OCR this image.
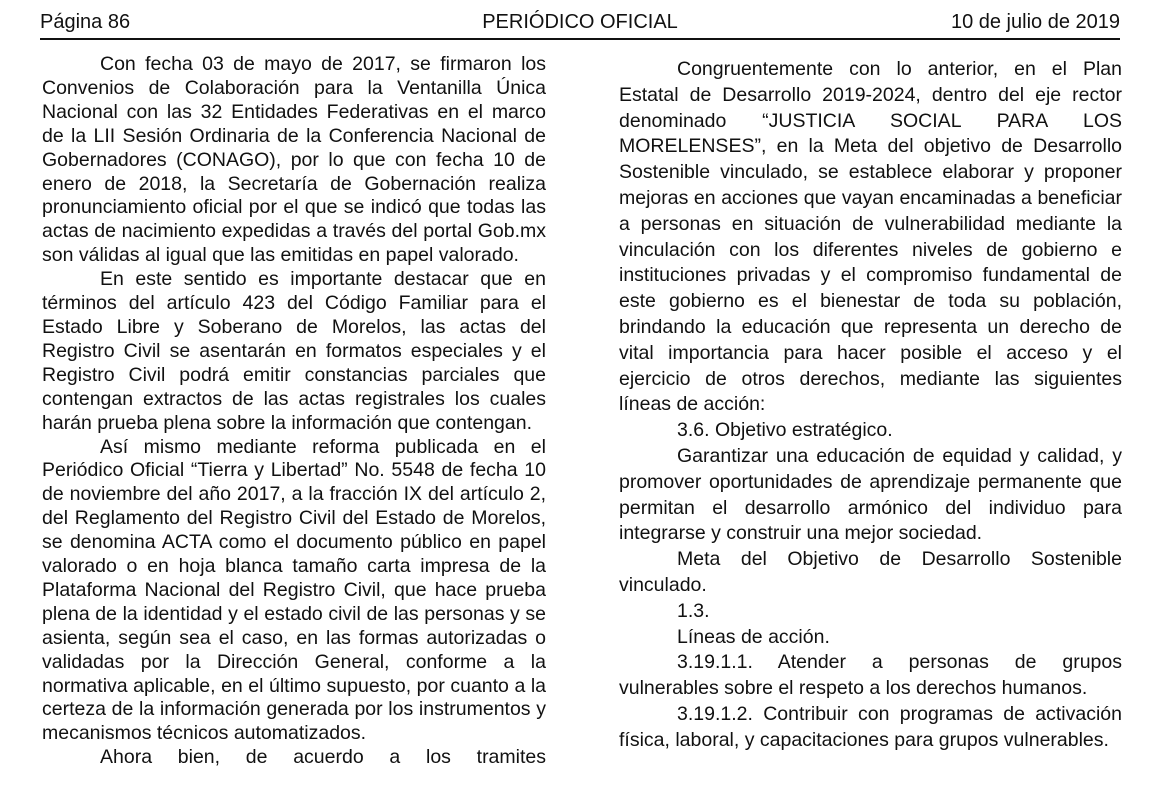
Página 86	PERIÓDICO OFICIAL	10 de julio de 2019

Con fecha 03 de mayo de 2017, se firmaron los Convenios de Colaboración para la Ventanilla Única Nacional con las 32 Entidades Federativas en el marco de la LII Sesión Ordinaria de la Conferencia Nacional de Gobernadores (CONAGO), por lo que con fecha 10 de enero de 2018, la Secretaría de Gobernación realiza pronunciamiento oficial por el que se indicó que todas las actas de nacimiento expedidas a través del portal Gob.mx son válidas al igual que las emitidas en papel valorado.

En este sentido es importante destacar que en términos del artículo 423 del Código Familiar para el Estado Libre y Soberano de Morelos, las actas del Registro Civil se asentarán en formatos especiales y el Registro Civil podrá emitir constancias parciales que contengan extractos de las actas registrales los cuales harán prueba plena sobre la información que contengan.

Así mismo mediante reforma publicada en el Periódico Oficial “Tierra y Libertad” No. 5548 de fecha 10 de noviembre del año 2017, a la fracción IX del artículo 2, del Reglamento del Registro Civil del Estado de Morelos, se denomina ACTA como el documento público en papel valorado o en hoja blanca tamaño carta impresa de la Plataforma Nacional del Registro Civil, que hace prueba plena de la identidad y el estado civil de las personas y se asienta, según sea el caso, en las formas autorizadas o validadas por la Dirección General, conforme a la normativa aplicable, en el último supuesto, por cuanto a la certeza de la información generada por los instrumentos y mecanismos técnicos automatizados.

Ahora bien, de acuerdo a los tramites

Congruentemente con lo anterior, en el Plan Estatal de Desarrollo 2019-2024, dentro del eje rector denominado “JUSTICIA SOCIAL PARA LOS MORELENSES”, en la Meta del objetivo de Desarrollo Sostenible vinculado, se establece elaborar y proponer mejoras en acciones que vayan encaminadas a beneficiar a personas en situación de vulnerabilidad mediante la vinculación con los diferentes niveles de gobierno e instituciones privadas y el compromiso fundamental de este gobierno es el bienestar de toda su población, brindando la educación que representa un derecho de vital importancia para hacer posible el acceso y el ejercicio de otros derechos, mediante las siguientes líneas de acción:

3.6. Objetivo estratégico.

Garantizar una educación de equidad y calidad, y promover oportunidades de aprendizaje permanente que permitan el desarrollo armónico del individuo para integrarse y construir una mejor sociedad.

Meta del Objetivo de Desarrollo Sostenible vinculado.

1.3.

Líneas de acción.

3.19.1.1. Atender a personas de grupos vulnerables sobre el respeto a los derechos humanos.

3.19.1.2. Contribuir con programas de activación física, laboral, y capacitaciones para grupos vulnerables.
